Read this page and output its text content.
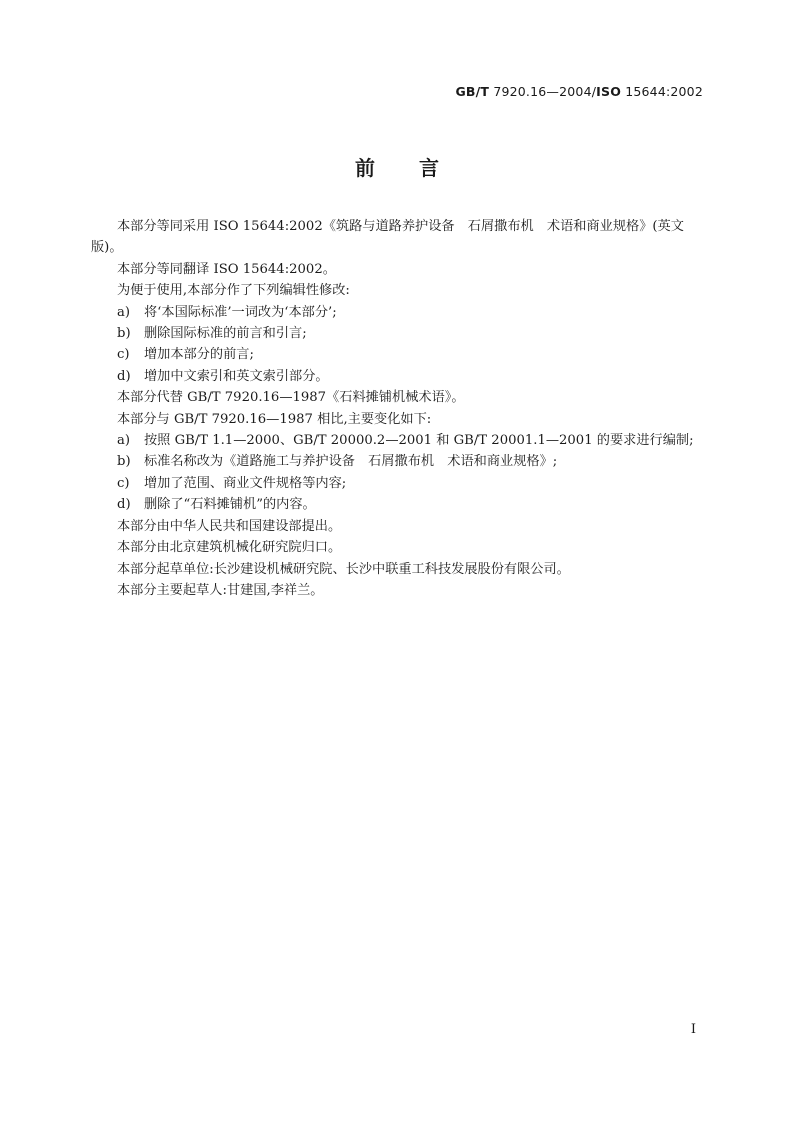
GB/T 7920.16—2004/ISO 15644:2002
前言

本部分等同采用 ISO 15644:2002《筑路与道路养护设备　石屑撒布机　术语和商业规格》(英文版)。

本部分等同翻译 ISO 15644:2002。

为便于使用,本部分作了下列编辑性修改:

a) 将‘本国际标准’一词改为‘本部分’;

b) 删除国际标准的前言和引言;

c) 增加本部分的前言;

d) 增加中文索引和英文索引部分。

本部分代替 GB/T 7920.16—1987《石料摊铺机械术语》。

本部分与 GB/T 7920.16—1987 相比,主要变化如下:

a) 按照 GB/T 1.1—2000、GB/T 20000.2—2001 和 GB/T 20001.1—2001 的要求进行编制;

b) 标准名称改为《道路施工与养护设备　石屑撒布机　术语和商业规格》;

c) 增加了范围、商业文件规格等内容;

d) 删除了“石料摊铺机”的内容。

本部分由中华人民共和国建设部提出。

本部分由北京建筑机械化研究院归口。

本部分起草单位:长沙建设机械研究院、长沙中联重工科技发展股份有限公司。

本部分主要起草人:甘建国,李祥兰。

I
